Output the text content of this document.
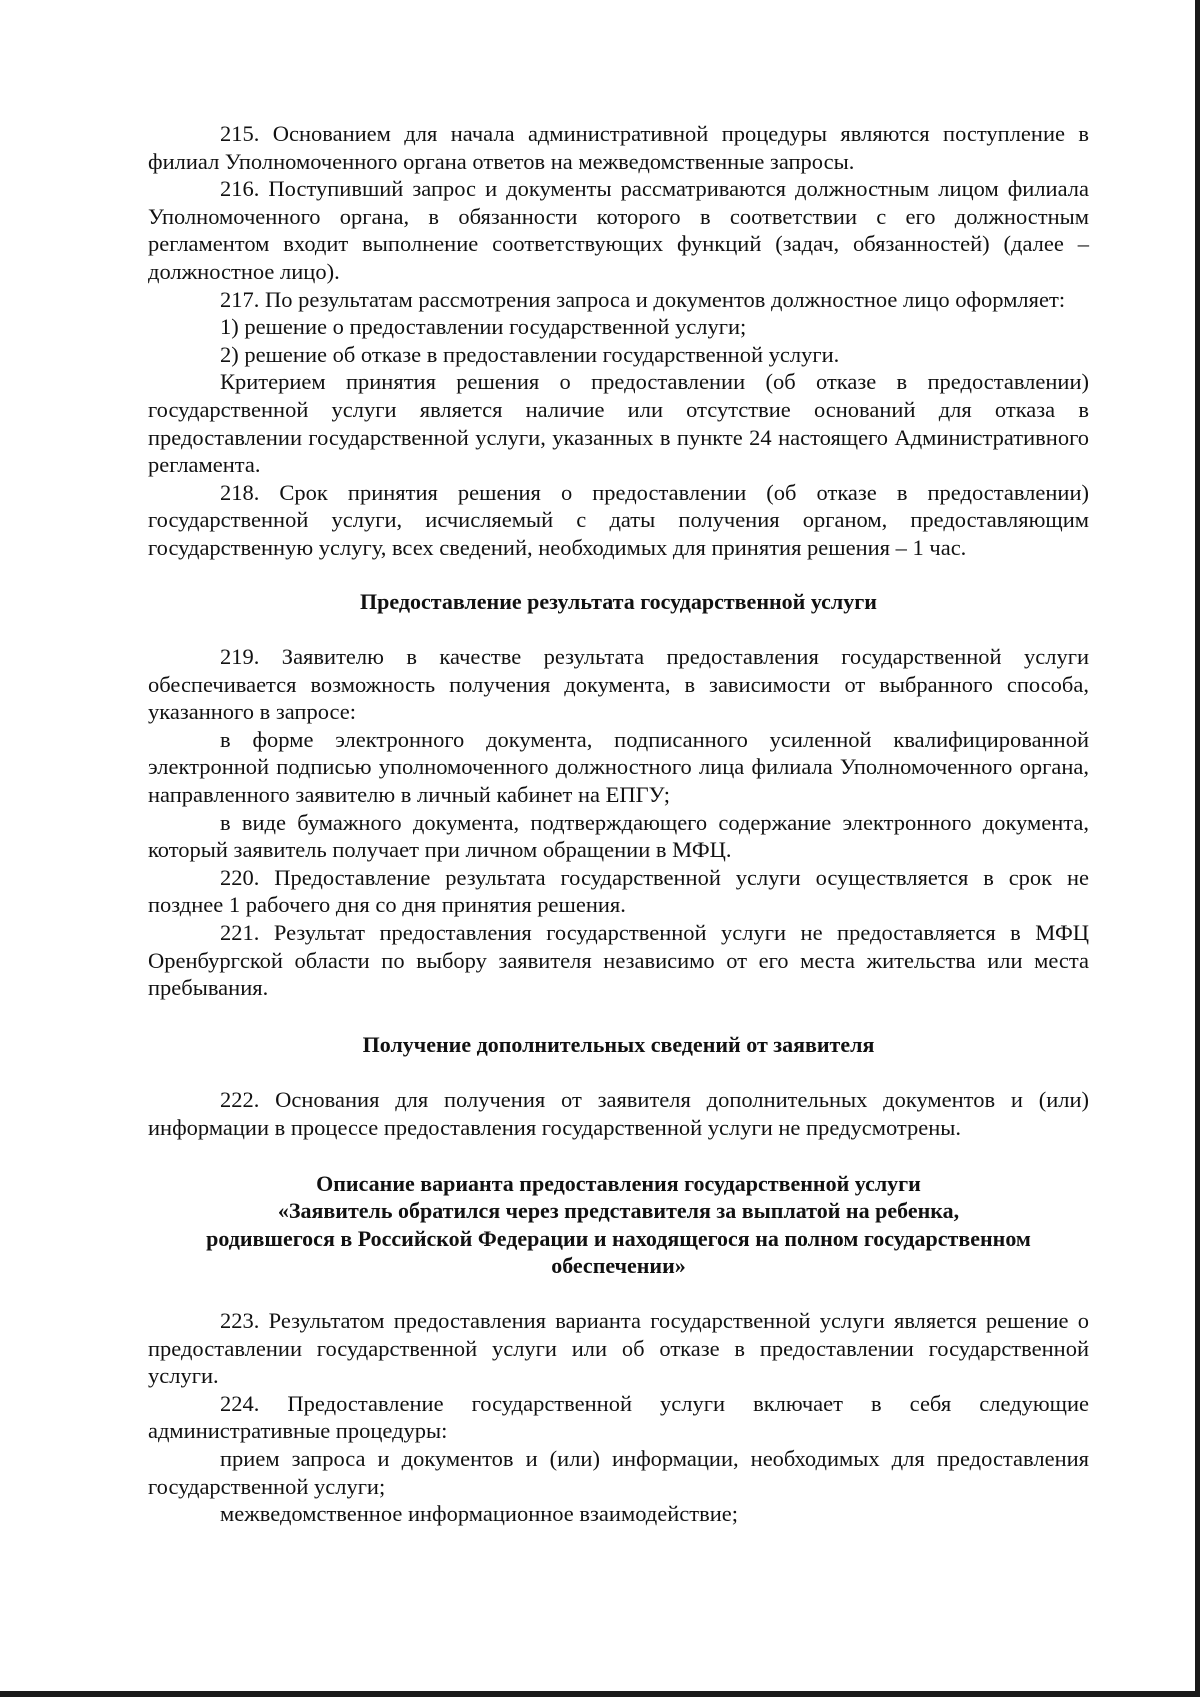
215. Основанием для начала административной процедуры являются поступление в филиал Уполномоченного органа ответов на межведомственные запросы.

216. Поступивший запрос и документы рассматриваются должностным лицом филиала Уполномоченного органа, в обязанности которого в соответствии с его должностным регламентом входит выполнение соответствующих функций (задач, обязанностей) (далее – должностное лицо).

217. По результатам рассмотрения запроса и документов должностное лицо оформляет:

1) решение о предоставлении государственной услуги;

2) решение об отказе в предоставлении государственной услуги.

Критерием принятия решения о предоставлении (об отказе в предоставлении) государственной услуги является наличие или отсутствие оснований для отказа в предоставлении государственной услуги, указанных в пункте 24 настоящего Административного регламента.

218. Срок принятия решения о предоставлении (об отказе в предоставлении) государственной услуги, исчисляемый с даты получения органом, предоставляющим государственную услугу, всех сведений, необходимых для принятия решения – 1 час.

Предоставление результата государственной услуги

219. Заявителю в качестве результата предоставления государственной услуги обеспечивается возможность получения документа, в зависимости от выбранного способа, указанного в запросе:

в форме электронного документа, подписанного усиленной квалифицированной электронной подписью уполномоченного должностного лица филиала Уполномоченного органа, направленного заявителю в личный кабинет на ЕПГУ;

в виде бумажного документа, подтверждающего содержание электронного документа, который заявитель получает при личном обращении в МФЦ.

220. Предоставление результата государственной услуги осуществляется в срок не позднее 1 рабочего дня со дня принятия решения.

221. Результат предоставления государственной услуги не предоставляется в МФЦ Оренбургской области по выбору заявителя независимо от его места жительства или места пребывания.

Получение дополнительных сведений от заявителя

222. Основания для получения от заявителя дополнительных документов и (или) информации в процессе предоставления государственной услуги не предусмотрены.

Описание варианта предоставления государственной услуги
«Заявитель обратился через представителя за выплатой на ребенка,
родившегося в Российской Федерации и находящегося на полном государственном обеспечении»

223. Результатом предоставления варианта государственной услуги является решение о предоставлении государственной услуги или об отказе в предоставлении государственной услуги.

224. Предоставление государственной услуги включает в себя следующие административные процедуры:

прием запроса и документов и (или) информации, необходимых для предоставления государственной услуги;

межведомственное информационное взаимодействие;
